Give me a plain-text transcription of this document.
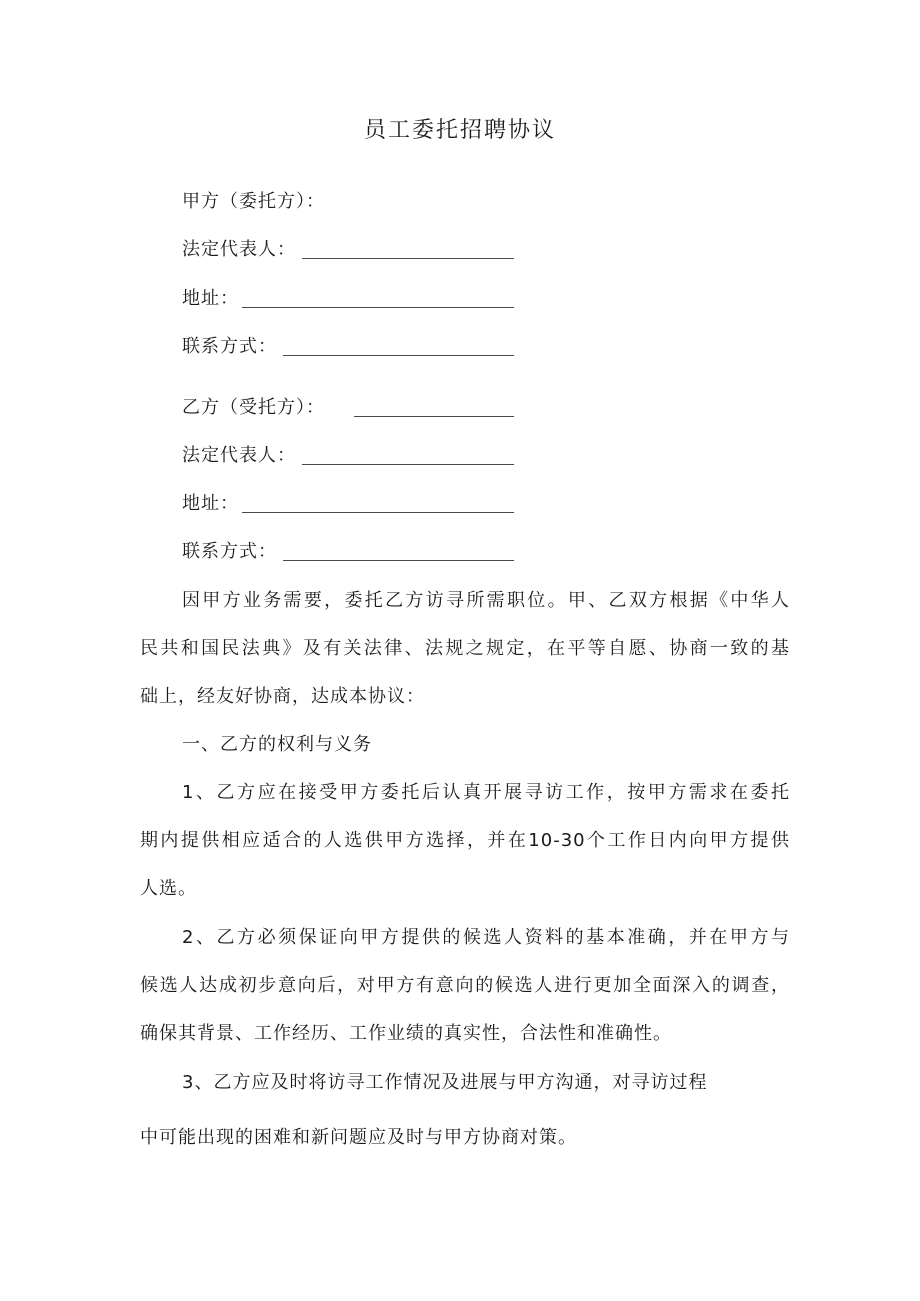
员工委托招聘协议
甲方（委托方）：
法定代表人：
地址：
联系方式：
乙方（受托方）：
法定代表人：
地址：
联系方式：
因甲方业务需要，委托乙方访寻所需职位。甲、乙双方根据《中华人
民共和国民法典》及有关法律、法规之规定，在平等自愿、协商一致的基
础上，经友好协商，达成本协议：
一、乙方的权利与义务
1、乙方应在接受甲方委托后认真开展寻访工作，按甲方需求在委托
期内提供相应适合的人选供甲方选择，并在10-30个工作日内向甲方提供
人选。
2、乙方必须保证向甲方提供的候选人资料的基本准确，并在甲方与
候选人达成初步意向后，对甲方有意向的候选人进行更加全面深入的调查，
确保其背景、工作经历、工作业绩的真实性，合法性和准确性。
3、乙方应及时将访寻工作情况及进展与甲方沟通，对寻访过程
中可能出现的困难和新问题应及时与甲方协商对策。
